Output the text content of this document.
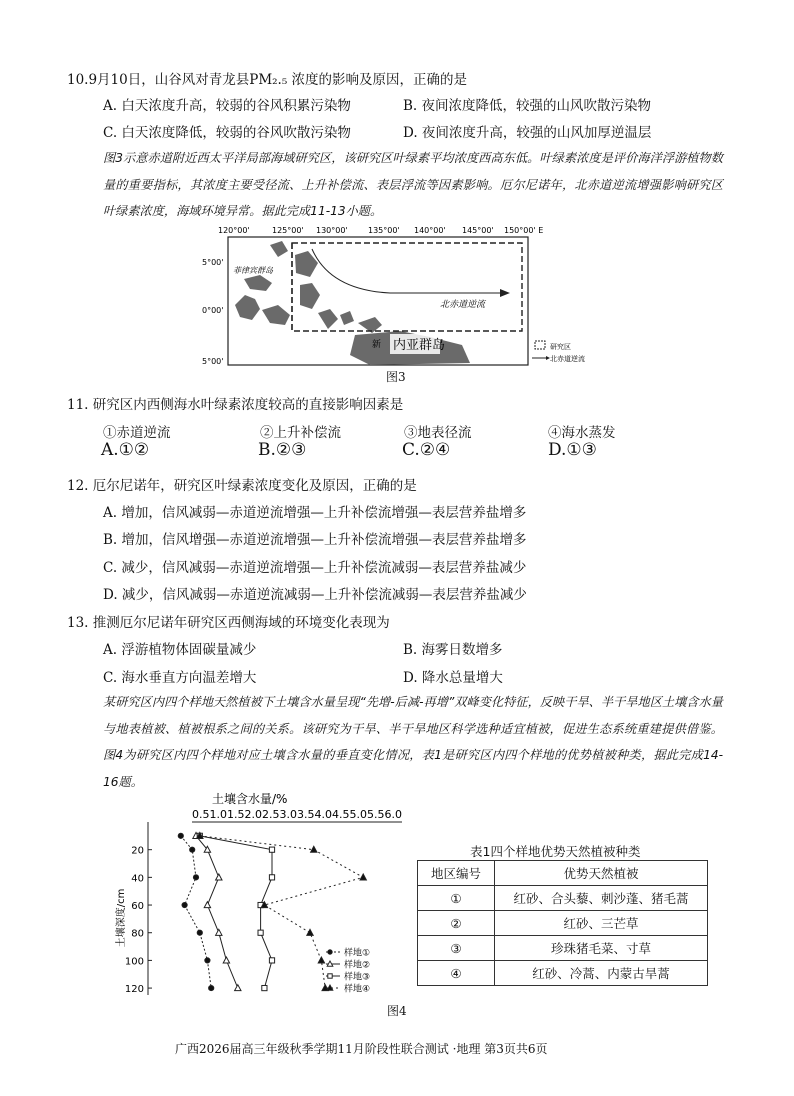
10.9月10日，山谷风对青龙县PM₂.₅ 浓度的影响及原因，正确的是
A. 白天浓度升高，较弱的谷风积累污染物	B. 夜间浓度降低，较强的山风吹散污染物
C. 白天浓度降低，较弱的谷风吹散污染物	D. 夜间浓度升高，较强的山风加厚逆温层
图3示意赤道附近西太平洋局部海域研究区，该研究区叶绿素平均浓度西高东低。叶绿素浓度是评价海洋浮游植物数量的重要指标，其浓度主要受径流、上升补偿流、表层浮流等因素影响。厄尔尼诺年，北赤道逆流增强影响研究区叶绿素浓度，海域环境异常。据此完成11-13小题。
120°00'	125°00' 130°00'	135°00' 140°00' 145°00' 150°00' E
5°00'
0°00'
5°00'
北赤道逆流
菲律宾群岛
新 内亚群岛	研究区
北赤道逆流
图3
11. 研究区内西侧海水叶绿素浓度较高的直接影响因素是
①赤道逆流	②上升补偿流	③地表径流	④海水蒸发
A.①②	B.②③	C.②④	D.①③
12. 厄尔尼诺年，研究区叶绿素浓度变化及原因，正确的是
A. 增加，信风减弱—赤道逆流增强—上升补偿流增强—表层营养盐增多
B. 增加，信风增强—赤道逆流增强—上升补偿流增强—表层营养盐增多
C. 减少，信风减弱—赤道逆流增强—上升补偿流减弱—表层营养盐减少
D. 减少，信风减弱—赤道逆流减弱—上升补偿流减弱—表层营养盐减少
13. 推测厄尔尼诺年研究区西侧海域的环境变化表现为
A. 浮游植物体固碳量减少	B. 海雾日数增多
C. 海水垂直方向温差增大	D. 降水总量增大
某研究区内四个样地天然植被下土壤含水量呈现“先增-后减-再增”双峰变化特征，反映干旱、半干旱地区土壤含水量与地表植被、植被根系之间的关系。该研究为干旱、半干旱地区科学选种适宜植被，促进生态系统重建提供借鉴。图4为研究区内四个样地对应土壤含水量的垂直变化情况，表1是研究区内四个样地的优势植被种类，据此完成14-16题。
土壤含水量/%
0.51.01.52.02.53.03.54.04.55.05.56.0
土壤深度/cm
20
40
60
80
100
120
样地①
样地②
样地③
样地④
图4
表1四个样地优势天然植被种类
地区编号	优势天然植被
①	红砂、合头藜、刺沙蓬、猪毛蒿
②	红砂、三芒草
③	珍珠猪毛菜、寸草
④	红砂、冷蒿、内蒙古旱蒿
广西2026届高三年级秋季学期11月阶段性联合测试 ·地理 第3页共6页
